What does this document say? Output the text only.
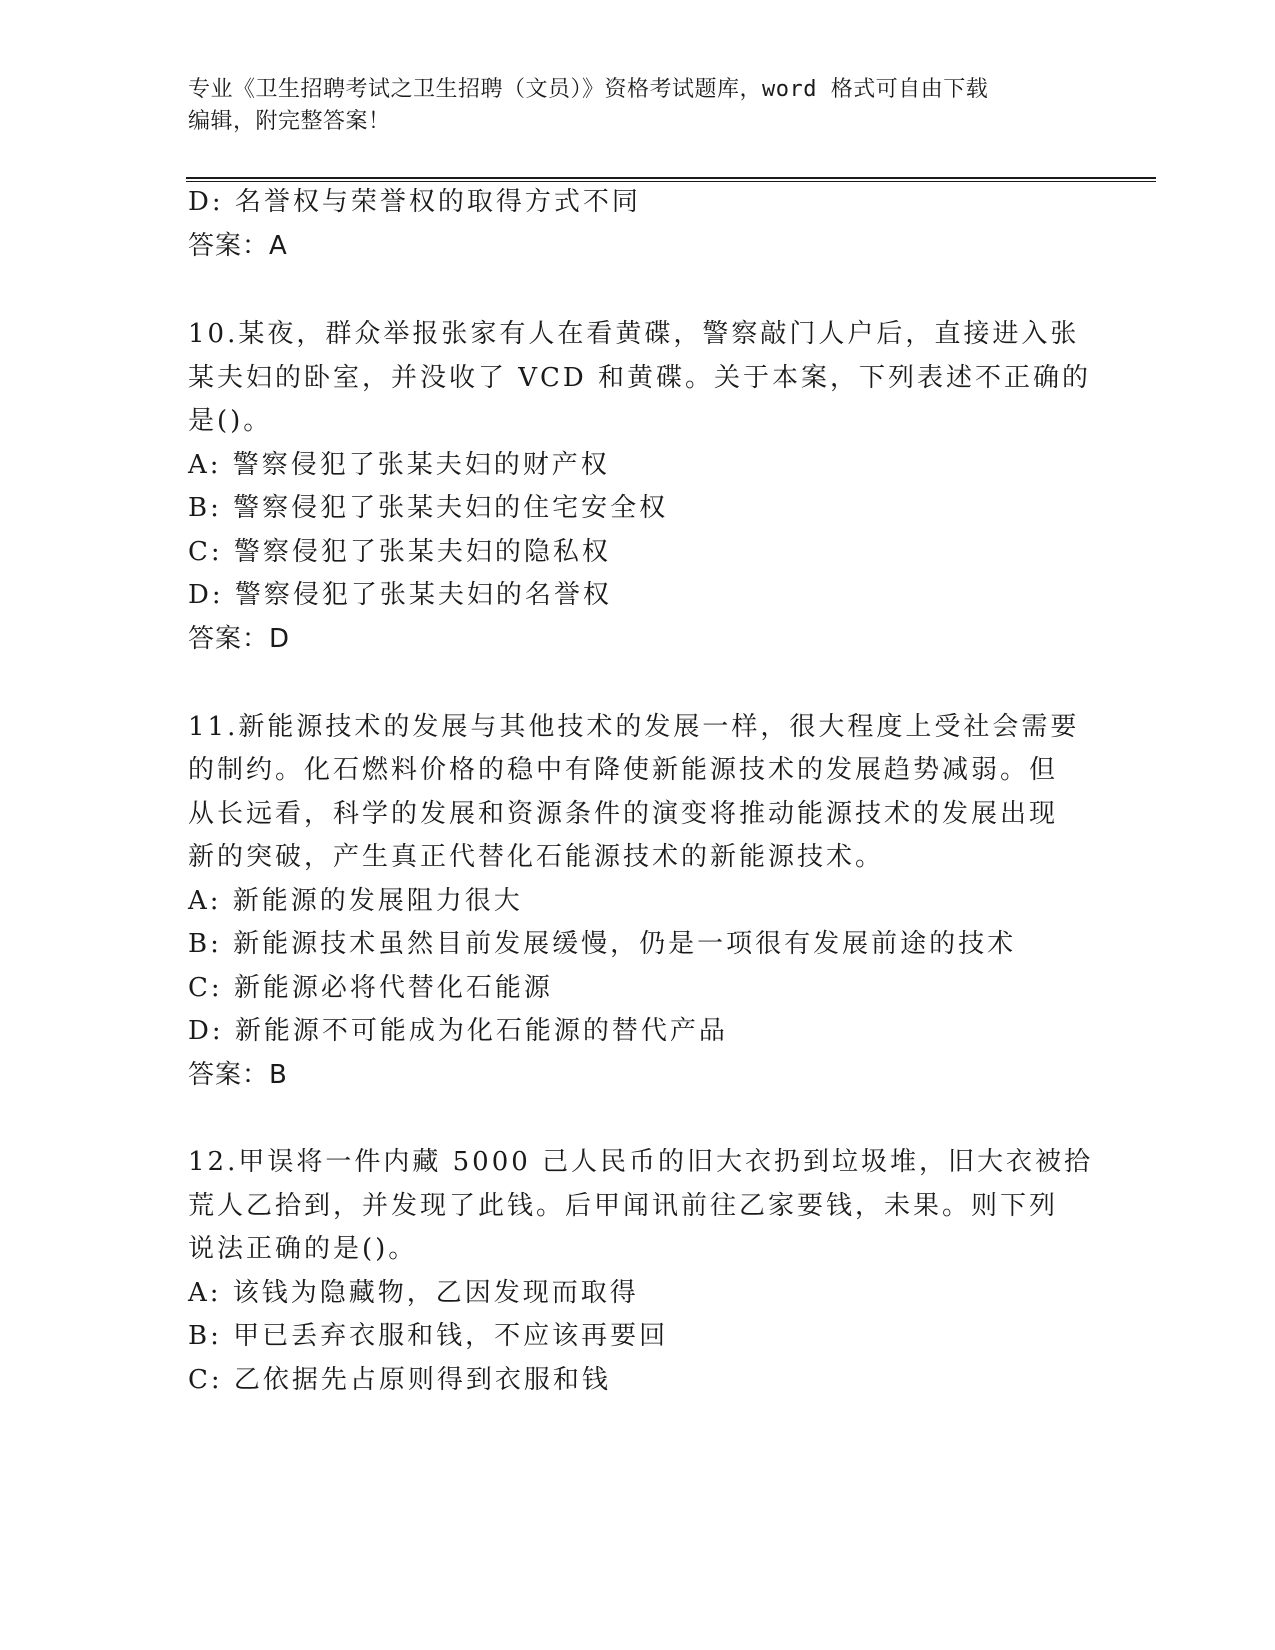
专业《卫生招聘考试之卫生招聘（文员）》资格考试题库，word 格式可自由下载
编辑，附完整答案！
D: 名誉权与荣誉权的取得方式不同
答案：A
10.某夜，群众举报张家有人在看黄碟，警察敲门人户后，直接进入张
某夫妇的卧室，并没收了 VCD 和黄碟。关于本案，下列表述不正确的
是()。
A: 警察侵犯了张某夫妇的财产权
B: 警察侵犯了张某夫妇的住宅安全权
C: 警察侵犯了张某夫妇的隐私权
D: 警察侵犯了张某夫妇的名誉权
答案：D
11.新能源技术的发展与其他技术的发展一样，很大程度上受社会需要
的制约。化石燃料价格的稳中有降使新能源技术的发展趋势减弱。但
从长远看，科学的发展和资源条件的演变将推动能源技术的发展出现
新的突破，产生真正代替化石能源技术的新能源技术。
A: 新能源的发展阻力很大
B: 新能源技术虽然目前发展缓慢，仍是一项很有发展前途的技术
C: 新能源必将代替化石能源
D: 新能源不可能成为化石能源的替代产品
答案：B
12.甲误将一件内藏 5000 己人民币的旧大衣扔到垃圾堆，旧大衣被拾
荒人乙拾到，并发现了此钱。后甲闻讯前往乙家要钱，未果。则下列
说法正确的是()。
A: 该钱为隐藏物，乙因发现而取得
B: 甲已丢弃衣服和钱，不应该再要回
C: 乙依据先占原则得到衣服和钱
